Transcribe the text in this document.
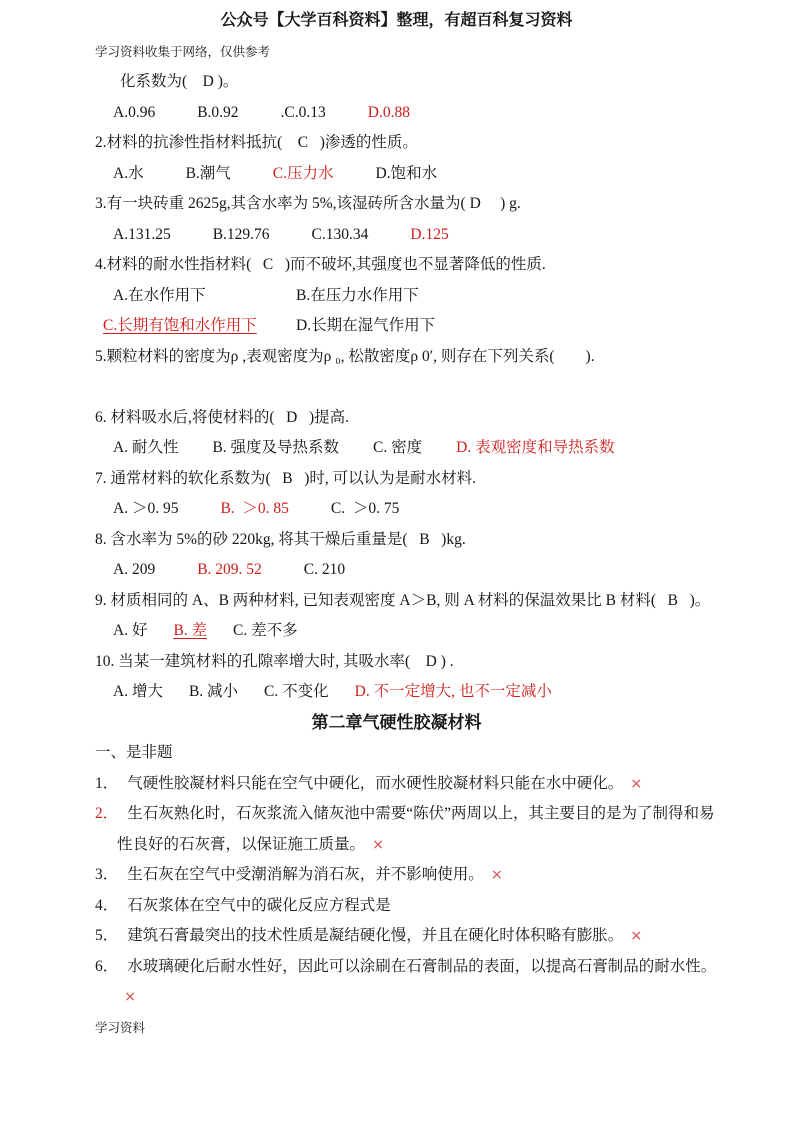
公众号【大学百科资料】整理，有超百科复习资料
学习资料收集于网络，仅供参考

化系数为(    D )。

A.0.96	B.0.92	.C.0.13	D.0.88

2.材料的抗渗性指材料抵抗(    C   )渗透的性质。

A.水	B.潮气	C.压力水	D.饱和水

3.有一块砖重 2625g,其含水率为 5%,该湿砖所含水量为( D     ) g.

A.131.25	B.129.76	C.130.34	D.125

4.材料的耐水性指材料(   C   )而不破坏,其强度也不显著降低的性质.

A.在水作用下	B.在压力水作用下
C.长期有饱和水作用下	D.长期在湿气作用下

5.颗粒材料的密度为ρ ,表观密度为ρ ₀, 松散密度ρ 0′, 则存在下列关系(        ).

6. 材料吸水后,将使材料的(   D   )提高.

A. 耐久性 B. 强度及导热系数 C. 密度 D. 表观密度和导热系数

7. 通常材料的软化系数为(   B   )时, 可以认为是耐水材料.

A. ＞0. 95	B.  ＞0. 85	C.  ＞0. 75

8. 含水率为 5%的砂 220kg, 将其干燥后重量是(   B   )kg.

A. 209	B. 209. 52	C. 210

9. 材质相同的 A、B 两种材料, 已知表观密度 A＞B, 则 A 材料的保温效果比 B 材料(   B   )。

A. 好 B. 差 C. 差不多

10. 当某一建筑材料的孔隙率增大时, 其吸水率(    D ) .

A. 增大 B. 减小 C. 不变化 D. 不一定增大, 也不一定减小
第二章气硬性胶凝材料
一、是非题

1． 气硬性胶凝材料只能在空气中硬化，而水硬性胶凝材料只能在水中硬化。 ×

2． 生石灰熟化时，石灰浆流入储灰池中需要“陈伏”两周以上，其主要目的是为了制得和易性良好的石灰膏，以保证施工质量。 ×

3． 生石灰在空气中受潮消解为消石灰，并不影响使用。 ×

4． 石灰浆体在空气中的碳化反应方程式是

5． 建筑石膏最突出的技术性质是凝结硬化慢，并且在硬化时体积略有膨胀。 ×

6． 水玻璃硬化后耐水性好，因此可以涂刷在石膏制品的表面，以提高石膏制品的耐水性。
×

学习资料
